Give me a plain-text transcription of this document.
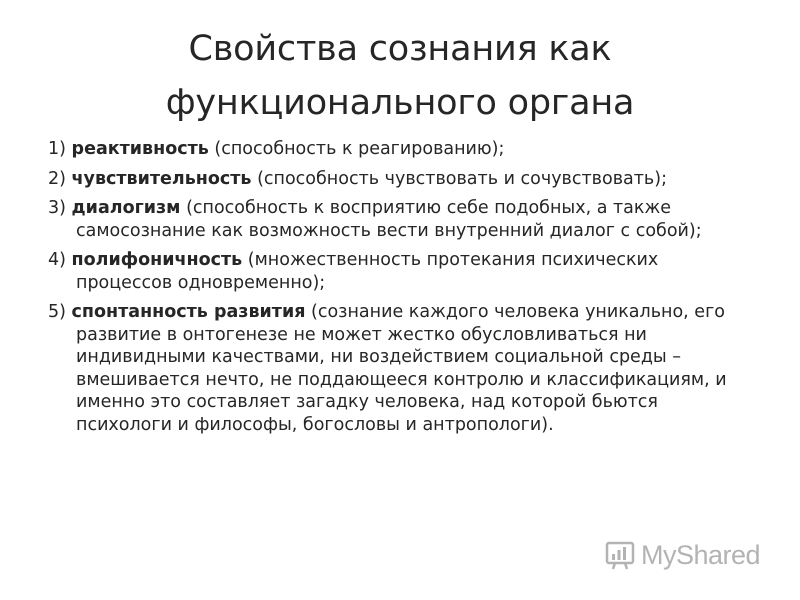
Свойства сознания как
функционального органа
1) реактивность (способность к реагированию);
2) чувствительность (способность чувствовать и сочувствовать);
3) диалогизм (способность к восприятию себе подобных, а также самосознание как возможность вести внутренний диалог с собой);
4) полифоничность (множественность протекания психических процессов одновременно);
5) спонтанность развития (сознание каждого человека уникально, его развитие в онтогенезе не может жестко обусловливаться ни индивидными качествами, ни воздействием социальной среды – вмешивается нечто, не поддающееся контролю и классификациям, и именно это составляет загадку человека, над которой бьются психологи и философы, богословы и антропологи).
MyShared
